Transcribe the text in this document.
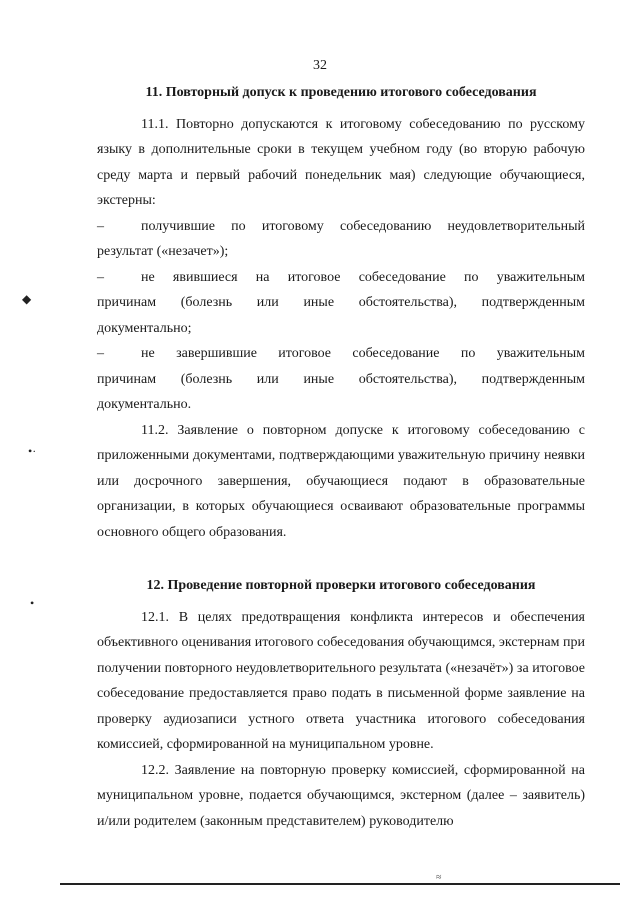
32
◆
•·
•
11. Повторный допуск к проведению итогового собеседования

11.1. Повторно допускаются к итоговому собеседованию по русскому языку в дополнительные сроки в текущем учебном году (во вторую рабочую среду марта и первый рабочий понедельник мая) следующие обучающиеся, экстерны:

–	получившие по итоговому собеседованию неудовлетворительный

результат («незачет»);

–	не явившиеся на итоговое собеседование по уважительным

причинам (болезнь или иные обстоятельства), подтвержденным

документально;

–	не завершившие итоговое собеседование по уважительным

причинам (болезнь или иные обстоятельства), подтвержденным

документально.

11.2. Заявление о повторном допуске к итоговому собеседованию с приложенными документами, подтверждающими уважительную причину неявки или досрочного завершения, обучающиеся подают в образовательные организации, в которых обучающиеся осваивают образовательные программы основного общего образования.

12. Проведение повторной проверки итогового собеседования

12.1. В целях предотвращения конфликта интересов и обеспечения объективного оценивания итогового собеседования обучающимся, экстернам при получении повторного неудовлетворительного результата («незачёт») за итоговое собеседование предоставляется право подать в письменной форме заявление на проверку аудиозаписи устного ответа участника итогового собеседования комиссией, сформированной на муниципальном уровне.

12.2. Заявление на повторную проверку комиссией, сформированной на муниципальном уровне, подается обучающимся, экстерном (далее – заявитель) и/или родителем (законным представителем) руководителю

≈
